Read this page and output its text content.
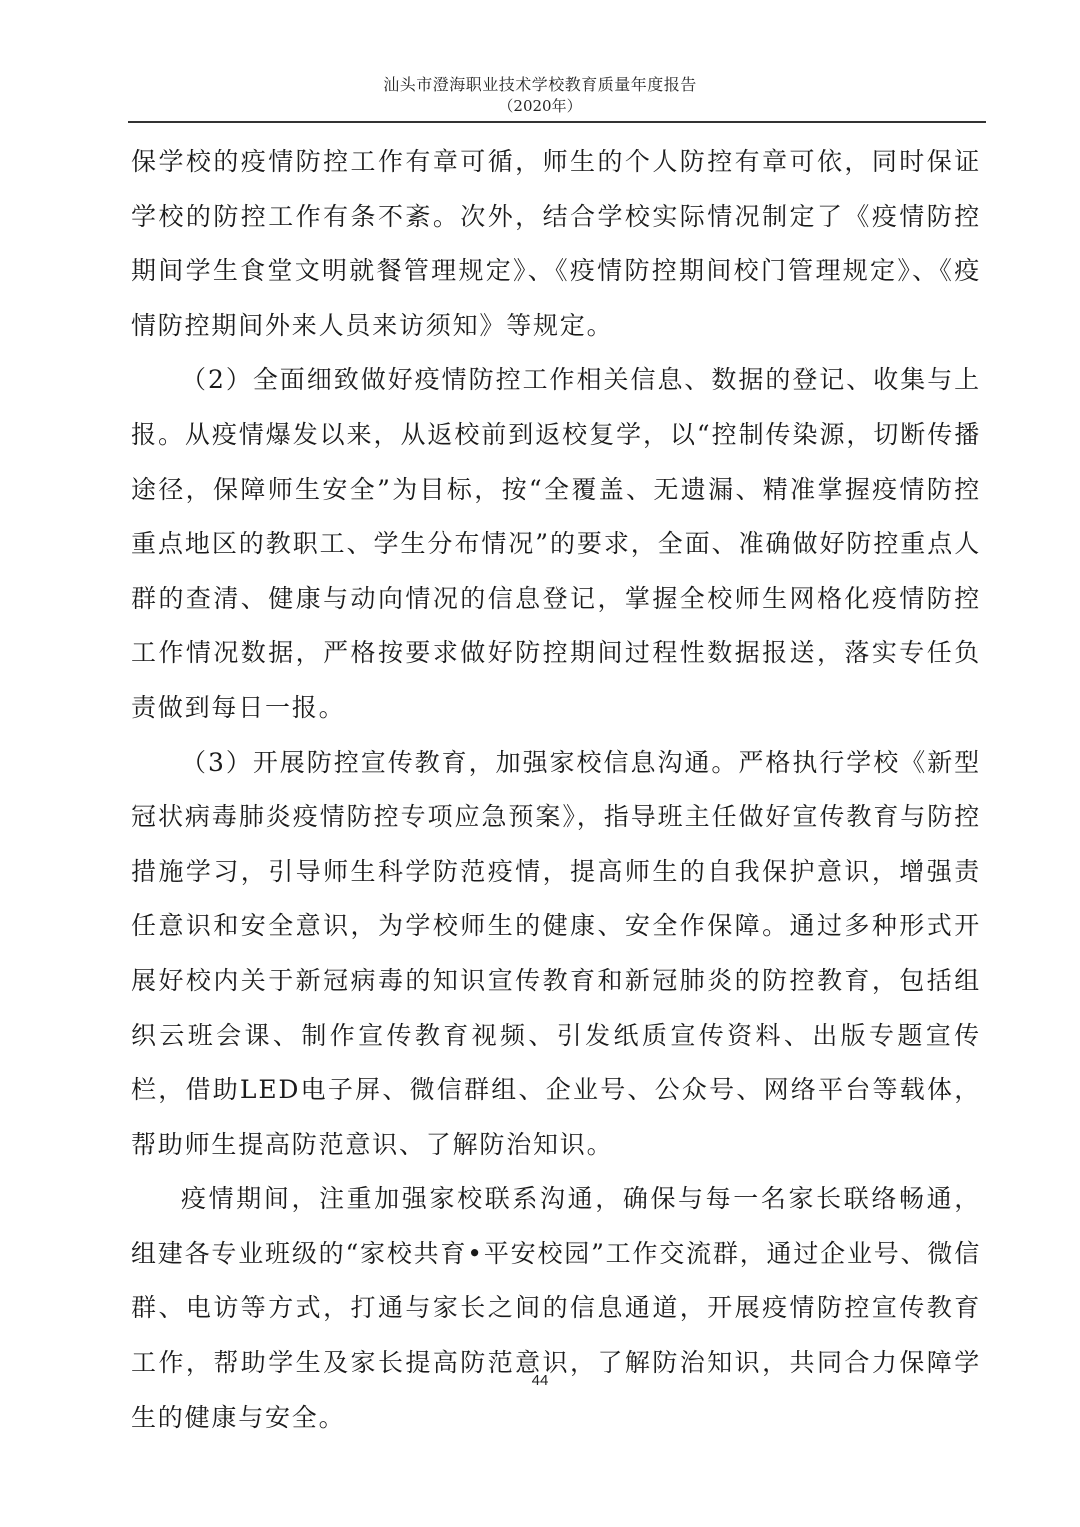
汕头市澄海职业技术学校教育质量年度报告
（2020年）

保学校的疫情防控工作有章可循，师生的个人防控有章可依，同时保证学校的防控工作有条不紊。次外，结合学校实际情况制定了《疫情防控期间学生食堂文明就餐管理规定》、《疫情防控期间校门管理规定》、《疫情防控期间外来人员来访须知》等规定。

（2）全面细致做好疫情防控工作相关信息、数据的登记、收集与上报。从疫情爆发以来，从返校前到返校复学，以“控制传染源，切断传播途径，保障师生安全”为目标，按“全覆盖、无遗漏、精准掌握疫情防控重点地区的教职工、学生分布情况”的要求，全面、准确做好防控重点人群的查清、健康与动向情况的信息登记，掌握全校师生网格化疫情防控工作情况数据，严格按要求做好防控期间过程性数据报送，落实专任负责做到每日一报。

（3）开展防控宣传教育，加强家校信息沟通。严格执行学校《新型冠状病毒肺炎疫情防控专项应急预案》，指导班主任做好宣传教育与防控措施学习，引导师生科学防范疫情，提高师生的自我保护意识，增强责任意识和安全意识，为学校师生的健康、安全作保障。通过多种形式开展好校内关于新冠病毒的知识宣传教育和新冠肺炎的防控教育，包括组织云班会课、制作宣传教育视频、引发纸质宣传资料、出版专题宣传栏，借助LED电子屏、微信群组、企业号、公众号、网络平台等载体，帮助师生提高防范意识、了解防治知识。

疫情期间，注重加强家校联系沟通，确保与每一名家长联络畅通，组建各专业班级的“家校共育•平安校园”工作交流群，通过企业号、微信群、电访等方式，打通与家长之间的信息通道，开展疫情防控宣传教育工作，帮助学生及家长提高防范意识，了解防治知识，共同合力保障学生的健康与安全。

44
